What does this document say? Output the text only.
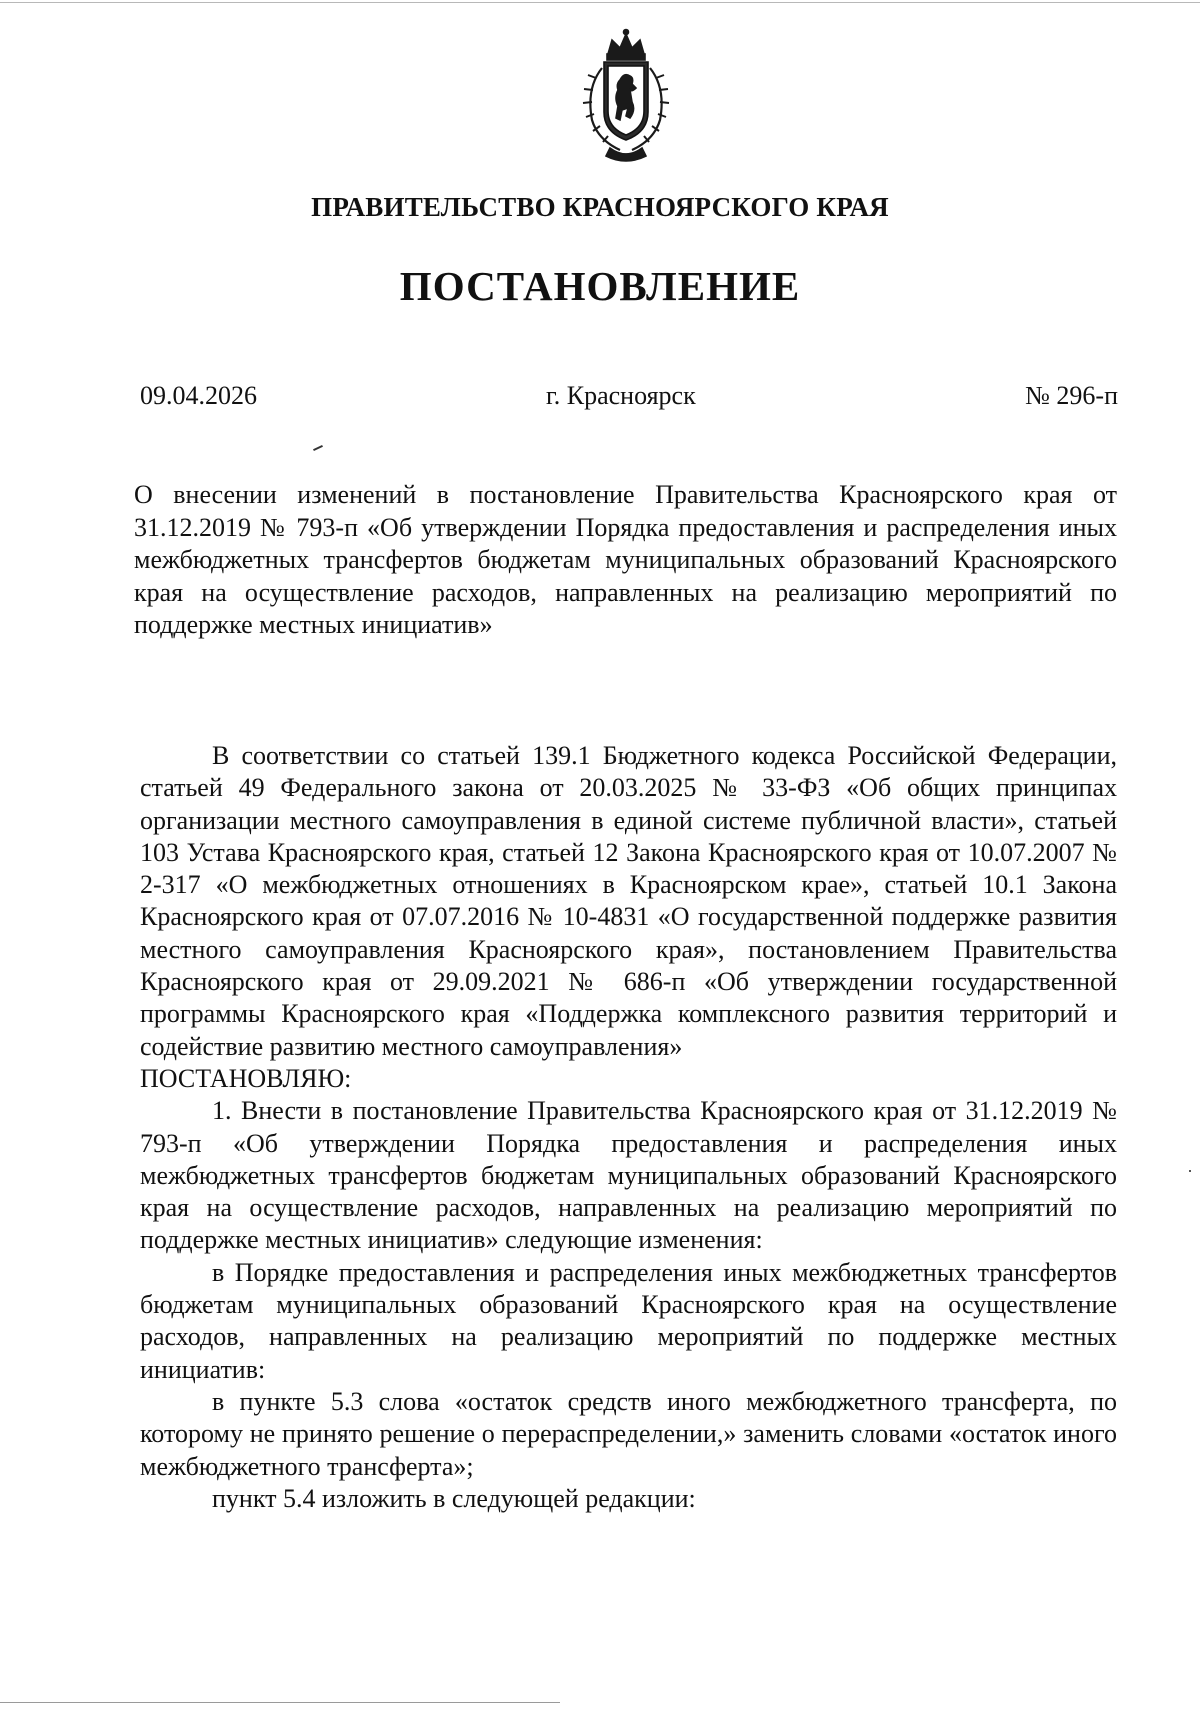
ПРАВИТЕЛЬСТВО КРАСНОЯРСКОГО КРАЯ
ПОСТАНОВЛЕНИЕ
09.04.2026	г. Красноярск	№ 296-п
О внесении изменений в постановление Правительства Красноярского края от 31.12.2019 № 793-п «Об утверждении Порядка предоставления и распределения иных межбюджетных трансфертов бюджетам муниципальных образований Красноярского края на осуществление расходов, направленных на реализацию мероприятий по поддержке местных инициатив»

В соответствии со статьей 139.1 Бюджетного кодекса Российской Федерации, статьей 49 Федерального закона от 20.03.2025 № 33-ФЗ «Об общих принципах организации местного самоуправления в единой системе публичной власти», статьей 103 Устава Красноярского края, статьей 12 Закона Красноярского края от 10.07.2007 № 2-317 «О межбюджетных отношениях в Красноярском крае», статьей 10.1 Закона Красноярского края от 07.07.2016 № 10-4831 «О государственной поддержке развития местного самоуправления Красноярского края», постановлением Правительства Красноярского края от 29.09.2021 № 686-п «Об утверждении государственной программы Красноярского края «Поддержка комплексного развития территорий и содействие развитию местного самоуправления»

ПОСТАНОВЛЯЮ:

1. Внести в постановление Правительства Красноярского края от 31.12.2019 № 793-п «Об утверждении Порядка предоставления и распределения иных межбюджетных трансфертов бюджетам муниципальных образований Красноярского края на осуществление расходов, направленных на реализацию мероприятий по поддержке местных инициатив» следующие изменения:

в Порядке предоставления и распределения иных межбюджетных трансфертов бюджетам муниципальных образований Красноярского края на осуществление расходов, направленных на реализацию мероприятий по поддержке местных инициатив:

в пункте 5.3 слова «остаток средств иного межбюджетного трансферта, по которому не принято решение о перераспределении,» заменить словами «остаток иного межбюджетного трансферта»;

пункт 5.4 изложить в следующей редакции:
